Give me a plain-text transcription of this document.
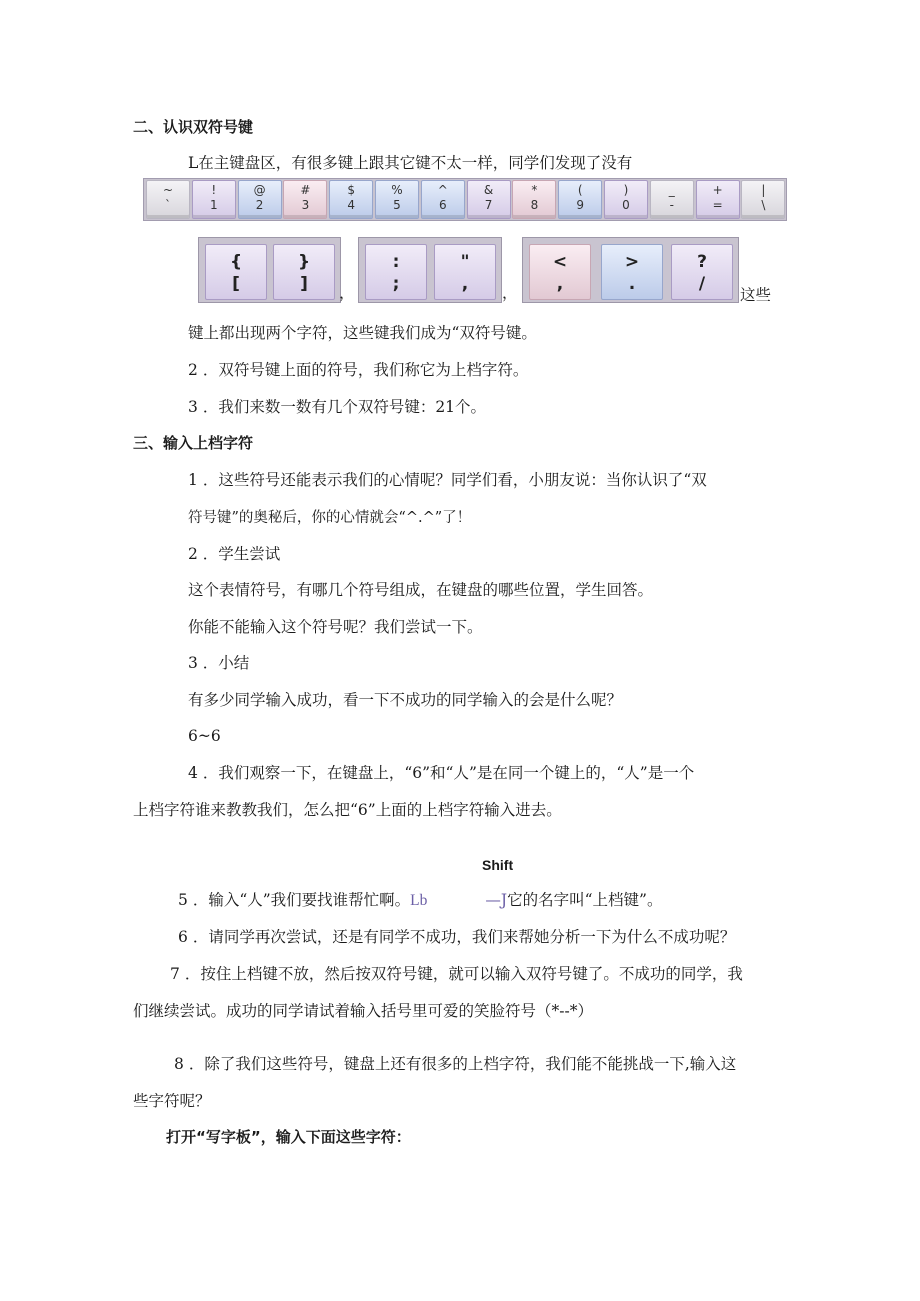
二、认识双符号键
L在主键盘区，有很多键上跟其它键不太一样，同学们发现了没有
~
`
!
1
@
2
#
3
$
4
%
5
^
6
&
7
*
8
(
9
)
0
_
-
+
=
|
\
{
[
}
]	，
:
;
"
,	，
<
,
>
.
?
/
这些
键上都出现两个字符，这些键我们成为“双符号键。
2 ．双符号键上面的符号，我们称它为上档字符。
3 ．我们来数一数有几个双符号键：21个。
三、输入上档字符
1 ．这些符号还能表示我们的心情呢？同学们看，小朋友说：当你认识了“双
符号键”的奥秘后，你的心情就会“^.^”了！
2 ．学生尝试
这个表情符号，有哪几个符号组成，在键盘的哪些位置，学生回答。
你能不能输入这个符号呢？我们尝试一下。
3 ．小结
有多少同学输入成功，看一下不成功的同学输入的会是什么呢？
6~6
4 ．我们观察一下，在键盘上，“6”和“人”是在同一个键上的，“人”是一个
上档字符谁来教教我们，怎么把“6”上面的上档字符输入进去。
Shift
5 ．输入“人”我们要找谁帮忙啊。Lb	—J它的名字叫“上档键”。
6 ．请同学再次尝试，还是有同学不成功，我们来帮她分析一下为什么不成功呢？
7 ．按住上档键不放，然后按双符号键，就可以输入双符号键了。不成功的同学，我
们继续尝试。成功的同学请试着输入括号里可爱的笑脸符号（*--*）
8 ．除了我们这些符号，键盘上还有很多的上档字符，我们能不能挑战一下,输入这
些字符呢？
打开“写字板”，输入下面这些字符：
